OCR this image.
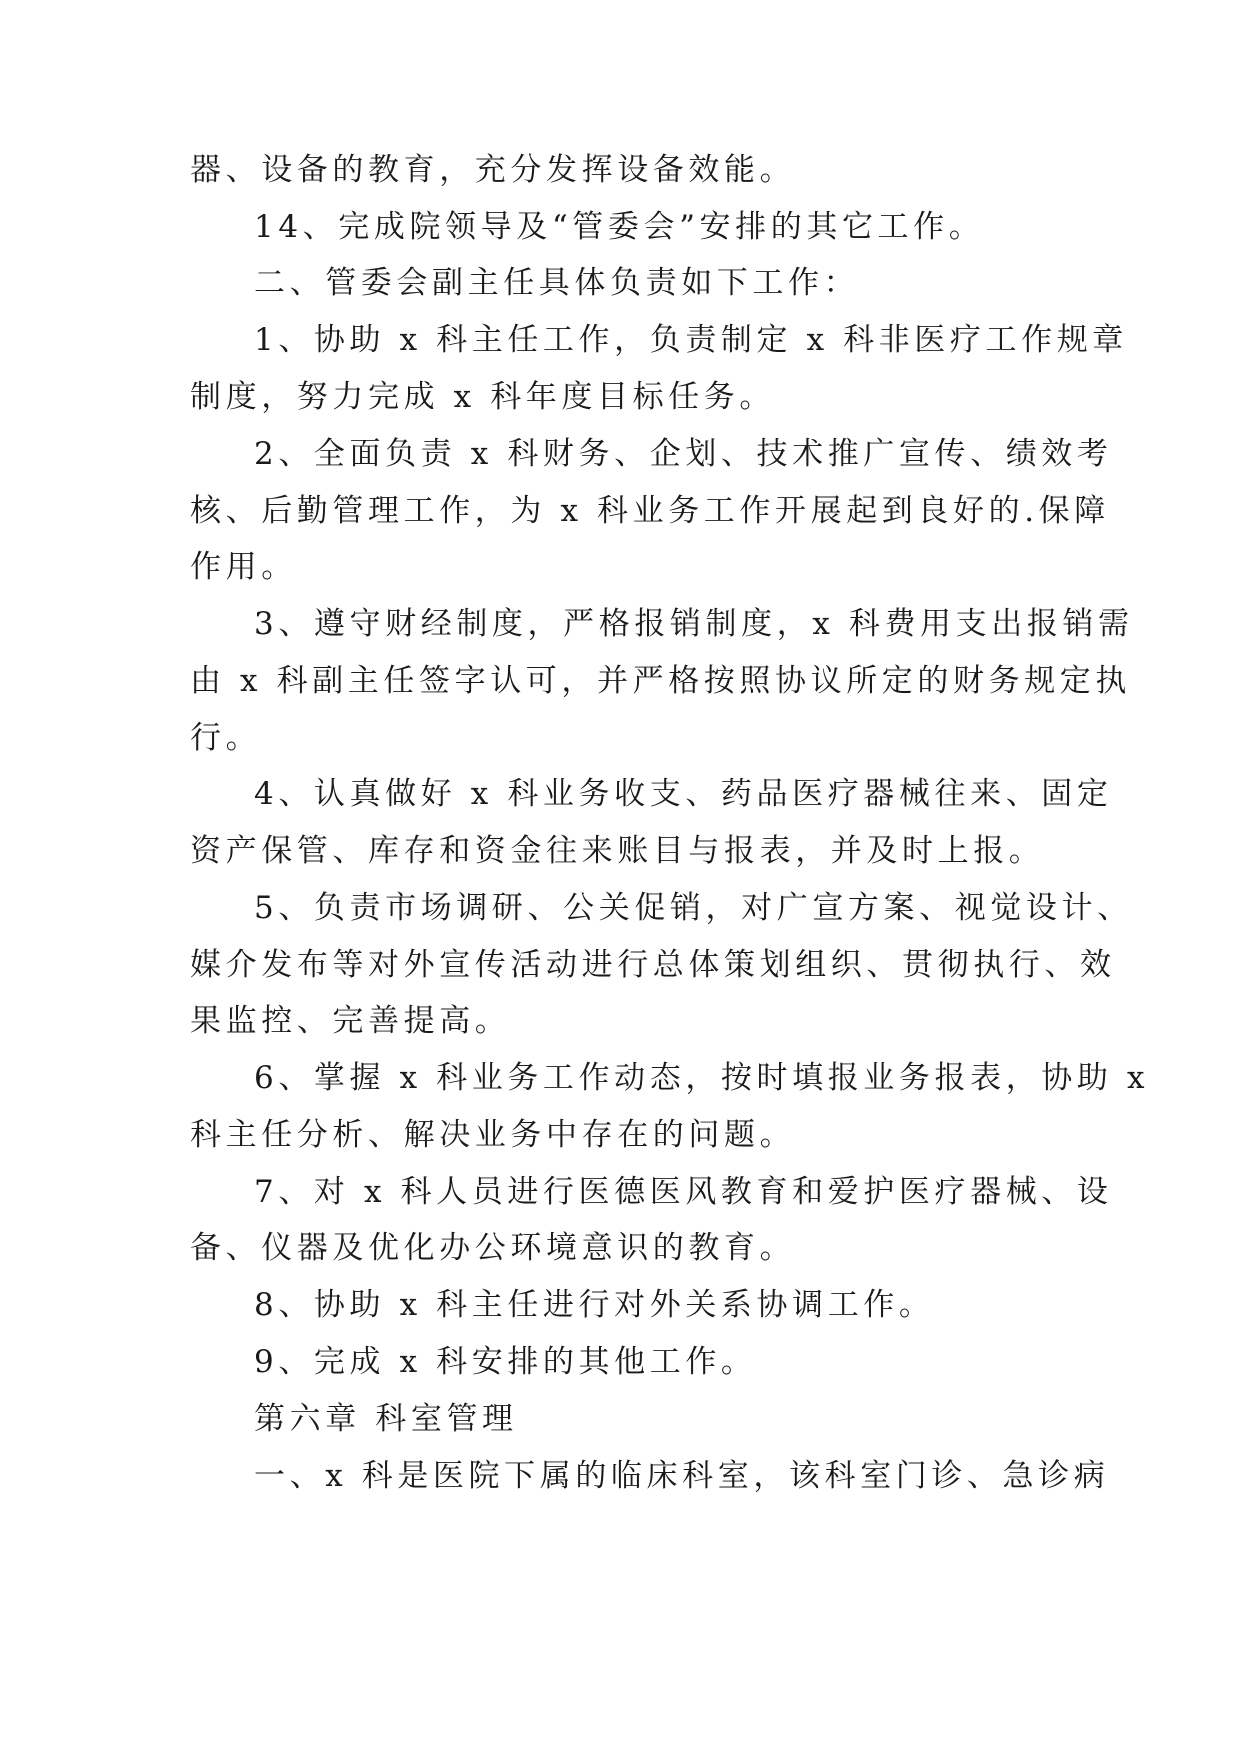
器、设备的教育，充分发挥设备效能。
14、完成院领导及“管委会”安排的其它工作。
二、管委会副主任具体负责如下工作：
1、协助 x 科主任工作，负责制定 x 科非医疗工作规章
制度，努力完成 x 科年度目标任务。
2、全面负责 x 科财务、企划、技术推广宣传、绩效考
核、后勤管理工作，为 x 科业务工作开展起到良好的.保障
作用。
3、遵守财经制度，严格报销制度，x 科费用支出报销需
由 x 科副主任签字认可，并严格按照协议所定的财务规定执
行。
4、认真做好 x 科业务收支、药品医疗器械往来、固定
资产保管、库存和资金往来账目与报表，并及时上报。
5、负责市场调研、公关促销，对广宣方案、视觉设计、
媒介发布等对外宣传活动进行总体策划组织、贯彻执行、效
果监控、完善提高。
6、掌握 x 科业务工作动态，按时填报业务报表，协助 x
科主任分析、解决业务中存在的问题。
7、对 x 科人员进行医德医风教育和爱护医疗器械、设
备、仪器及优化办公环境意识的教育。
8、协助 x 科主任进行对外关系协调工作。
9、完成 x 科安排的其他工作。
第六章 科室管理
一、x 科是医院下属的临床科室，该科室门诊、急诊病
